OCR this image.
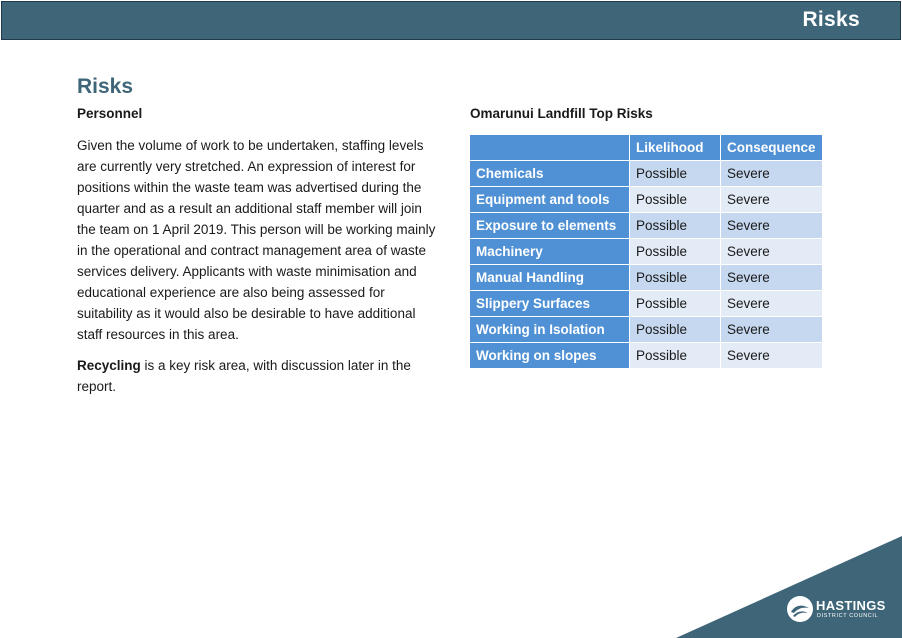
Risks
Risks
Personnel

Given the volume of work to be undertaken, staffing levels are currently very stretched. An expression of interest for positions within the waste team was advertised during the quarter and as a result an additional staff member will join the team on 1 April 2019. This person will be working mainly in the operational and contract management area of waste services delivery. Applicants with waste minimisation and educational experience are also being assessed for suitability as it would also be desirable to have additional staff resources in this area.

Recycling is a key risk area, with discussion later in the report.

Omarunui Landfill Top Risks
	Likelihood	Consequence
Chemicals	Possible	Severe
Equipment and tools	Possible	Severe
Exposure to elements	Possible	Severe
Machinery	Possible	Severe
Manual Handling	Possible	Severe
Slippery Surfaces	Possible	Severe
Working in Isolation	Possible	Severe
Working on slopes	Possible	Severe
HASTINGS
DISTRICT COUNCIL
